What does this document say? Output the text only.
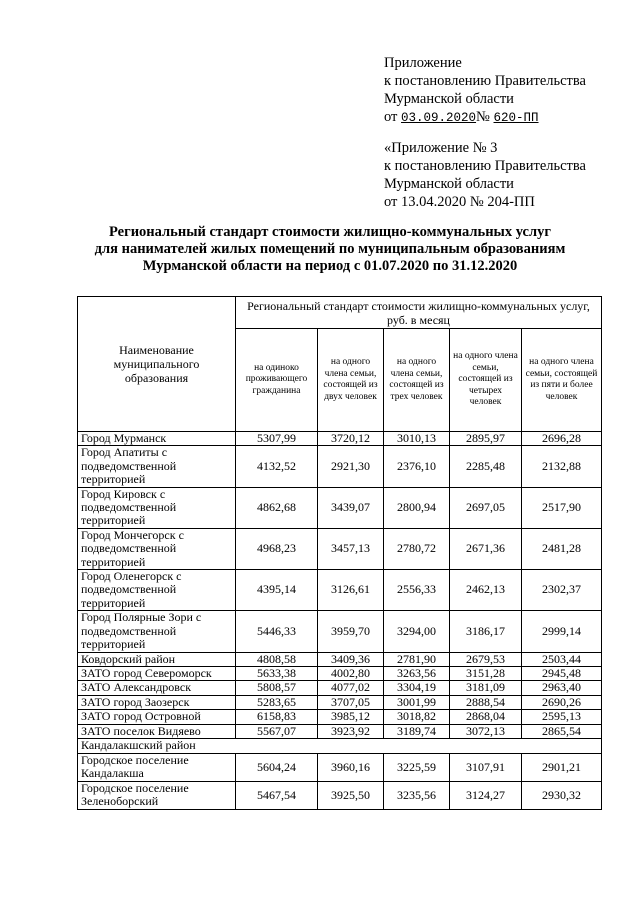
Приложение
к постановлению Правительства
Мурманской области
от 03.09.2020№ 620-ПП
«Приложение № 3
к постановлению Правительства
Мурманской области
от 13.04.2020 № 204-ПП
Региональный стандарт стоимости жилищно-коммунальных услуг
для нанимателей жилых помещений по муниципальным образованиям
Мурманской области на период с 01.07.2020 по 31.12.2020
Наименование муниципального образования	Региональный стандарт стоимости жилищно-коммунальных услуг, руб. в месяц				
	на одиноко проживающего гражданина	на одного члена семьи, состоящей из двух человек	на одного члена семьи, состоящей из трех человек	на одного члена семьи, состоящей из четырех человек	на одного члена семьи, состоящей из пяти и более человек
Город Мурманск	5307,99	3720,12	3010,13	2895,97	2696,28
Город Апатиты с подведомственной территорией	4132,52	2921,30	2376,10	2285,48	2132,88
Город Кировск с подведомственной территорией	4862,68	3439,07	2800,94	2697,05	2517,90
Город Мончегорск с подведомственной территорией	4968,23	3457,13	2780,72	2671,36	2481,28
Город Оленегорск с подведомственной территорией	4395,14	3126,61	2556,33	2462,13	2302,37
Город Полярные Зори с подведомственной территорией	5446,33	3959,70	3294,00	3186,17	2999,14
Ковдорский район	4808,58	3409,36	2781,90	2679,53	2503,44
ЗАТО город Североморск	5633,38	4002,80	3263,56	3151,28	2945,48
ЗАТО Александровск	5808,57	4077,02	3304,19	3181,09	2963,40
ЗАТО город Заозерск	5283,65	3707,05	3001,99	2888,54	2690,26
ЗАТО город Островной	6158,83	3985,12	3018,82	2868,04	2595,13
ЗАТО поселок Видяево	5567,07	3923,92	3189,74	3072,13	2865,54
Кандалакшский район					
Городское поселение Кандалакша	5604,24	3960,16	3225,59	3107,91	2901,21
Городское поселение Зеленоборский	5467,54	3925,50	3235,56	3124,27	2930,32
